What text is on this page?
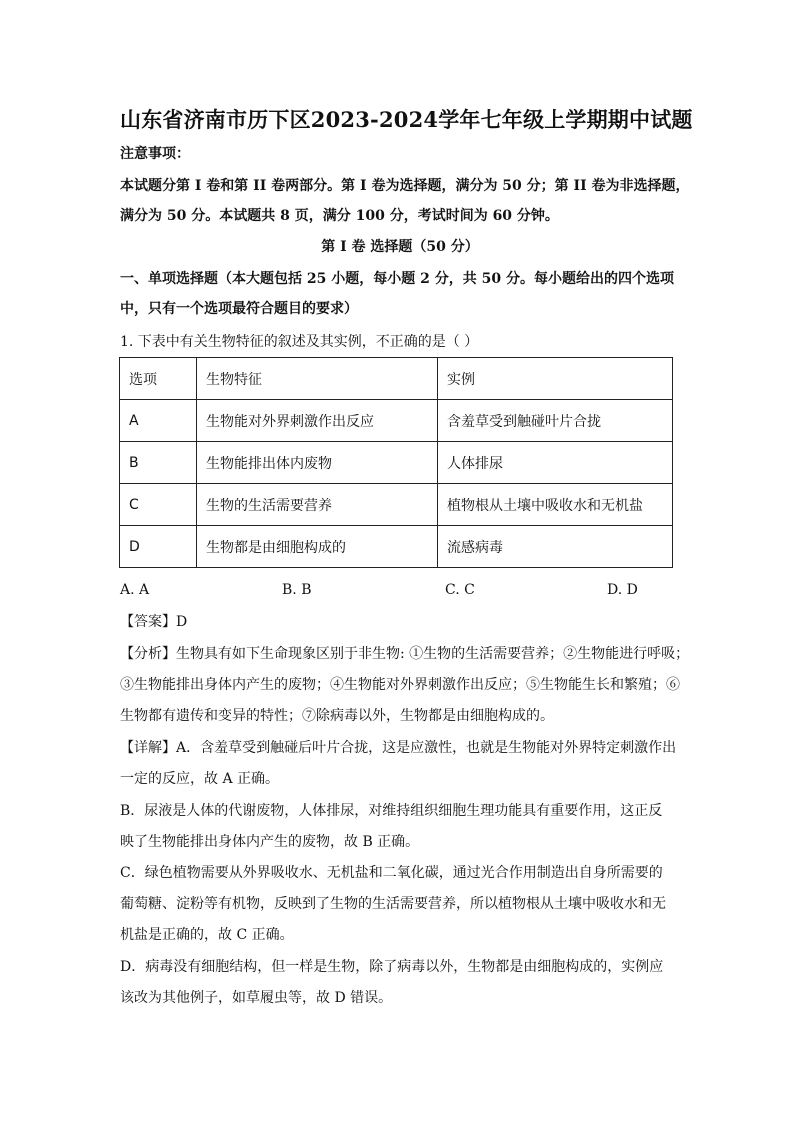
山东省济南市历下区2023-2024学年七年级上学期期中试题
注意事项：
本试题分第 I 卷和第 II 卷两部分。第 I 卷为选择题，满分为 50 分；第 II 卷为非选择题，
满分为 50 分。本试题共 8 页，满分 100 分，考试时间为 60 分钟。
第 I 卷 选择题（50 分）
一、单项选择题（本大题包括 25 小题，每小题 2 分，共 50 分。每小题给出的四个选项
中，只有一个选项最符合题目的要求）
1. 下表中有关生物特征的叙述及其实例，不正确的是（ ）
选项	生物特征	实例
A	生物能对外界刺激作出反应	含羞草受到触碰叶片合拢
B	生物能排出体内废物	人体排尿
C	生物的生活需要营养	植物根从土壤中吸收水和无机盐
D	生物都是由细胞构成的	流感病毒
A. A	B. B	C. C	D. D
【答案】D
【分析】生物具有如下生命现象区别于非生物: ①生物的生活需要营养；②生物能进行呼吸；
③生物能排出身体内产生的废物；④生物能对外界刺激作出反应；⑤生物能生长和繁殖；⑥
生物都有遗传和变异的特性；⑦除病毒以外，生物都是由细胞构成的。
【详解】A．含羞草受到触碰后叶片合拢，这是应激性，也就是生物能对外界特定刺激作出
一定的反应，故 A 正确。
B．尿液是人体的代谢废物，人体排尿，对维持组织细胞生理功能具有重要作用，这正反
映了生物能排出身体内产生的废物，故 B 正确。
C．绿色植物需要从外界吸收水、无机盐和二氧化碳，通过光合作用制造出自身所需要的
葡萄糖、淀粉等有机物，反映到了生物的生活需要营养，所以植物根从土壤中吸收水和无
机盐是正确的，故 C 正确。
D．病毒没有细胞结构，但一样是生物，除了病毒以外，生物都是由细胞构成的，实例应
该改为其他例子，如草履虫等，故 D 错误。
